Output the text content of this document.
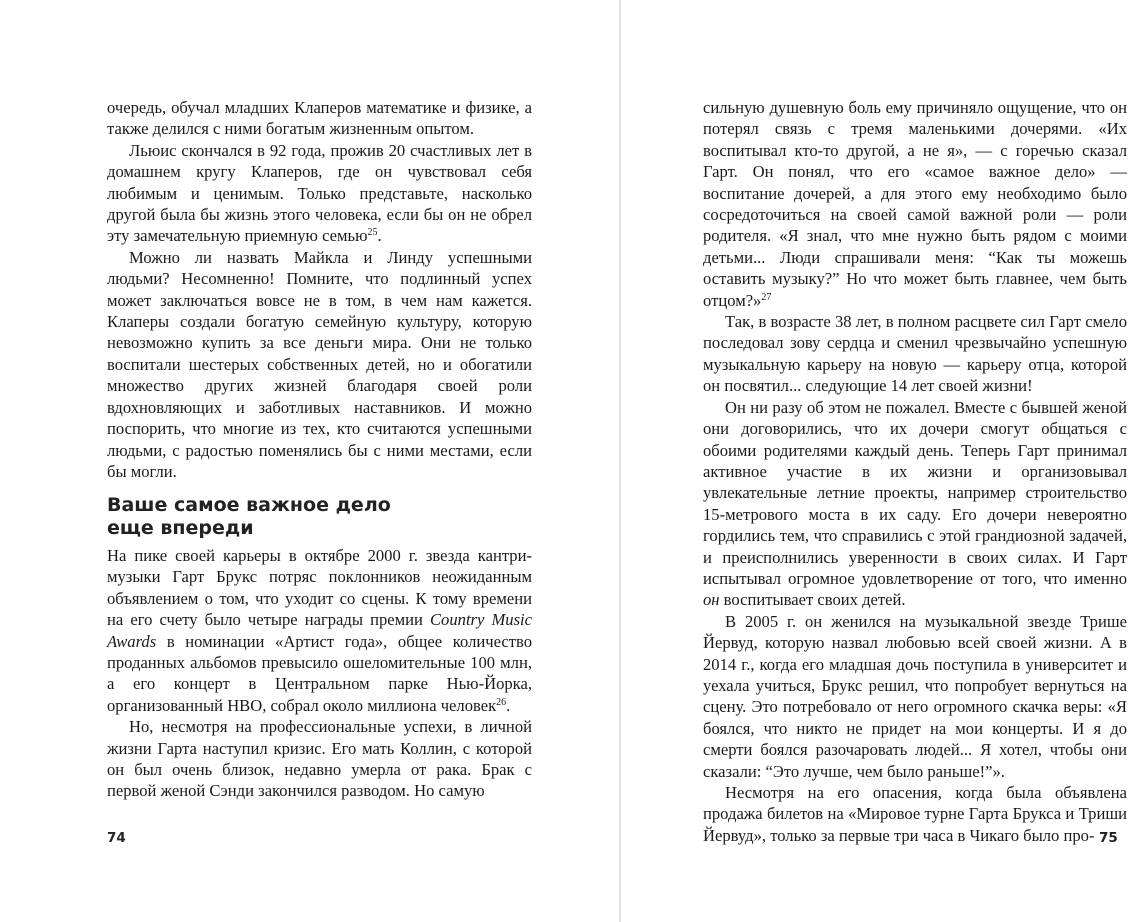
очередь, обучал младших Клаперов математике и физике, а также делился с ними богатым жизненным опытом.

Льюис скончался в 92 года, прожив 20 счастливых лет в домашнем кругу Клаперов, где он чувствовал себя любимым и ценимым. Только представьте, насколько другой была бы жизнь этого человека, если бы он не обрел эту замечательную приемную семью$^{25}$.

Можно ли назвать Майкла и Линду успешными людьми? Несомненно! Помните, что подлинный успех может заключаться вовсе не в том, в чем нам кажется. Клаперы создали богатую семейную культуру, которую невозможно купить за все деньги мира. Они не только воспитали шестерых собственных детей, но и обогатили множество других жизней благодаря своей роли вдохновляющих и заботливых наставников. И можно поспорить, что многие из тех, кто считаются успешными людьми, с радостью поменялись бы с ними местами, если бы могли.

Ваше самое важное дело
еще впереди

На пике своей карьеры в октябре 2000 г. звезда кантри-музыки Гарт Брукс потряс поклонников неожиданным объявлением о том, что уходит со сцены. К тому времени на его счету было четыре награды премии Country Music Awards в номинации «Артист года», общее количество проданных альбомов превысило ошеломительные 100 млн, а его концерт в Центральном парке Нью-Йорка, организованный HBO, собрал около миллиона человек$^{26}$.

Но, несмотря на профессиональные успехи, в личной жизни Гарта наступил кризис. Его мать Коллин, с которой он был очень близок, недавно умерла от рака. Брак с первой женой Сэнди закончился разводом. Но самую

74

сильную душевную боль ему причиняло ощущение, что он потерял связь с тремя маленькими дочерями. «Их воспитывал кто-то другой, а не я», — с горечью сказал Гарт. Он понял, что его «самое важное дело» — воспитание дочерей, а для этого ему необходимо было сосредоточиться на своей самой важной роли — роли родителя. «Я знал, что мне нужно быть рядом с моими детьми... Люди спрашивали меня: “Как ты можешь оставить музыку?” Но что может быть главнее, чем быть отцом?»$^{27}$

Так, в возрасте 38 лет, в полном расцвете сил Гарт смело последовал зову сердца и сменил чрезвычайно успешную музыкальную карьеру на новую — карьеру отца, которой он посвятил... следующие 14 лет своей жизни!

Он ни разу об этом не пожалел. Вместе с бывшей женой они договорились, что их дочери смогут общаться с обоими родителями каждый день. Теперь Гарт принимал активное участие в их жизни и организовывал увлекательные летние проекты, например строительство 15-метрового моста в их саду. Его дочери невероятно гордились тем, что справились с этой грандиозной задачей, и преисполнились уверенности в своих силах. И Гарт испытывал огромное удовлетворение от того, что именно он воспитывает своих детей.

В 2005 г. он женился на музыкальной звезде Трише Йервуд, которую назвал любовью всей своей жизни. А в 2014 г., когда его младшая дочь поступила в университет и уехала учиться, Брукс решил, что попробует вернуться на сцену. Это потребовало от него огромного скачка веры: «Я боялся, что никто не придет на мои концерты. И я до смерти боялся разочаровать людей... Я хотел, чтобы они сказали: “Это лучше, чем было раньше!”».

Несмотря на его опасения, когда была объявлена продажа билетов на «Мировое турне Гарта Брукса и Триши Йервуд», только за первые три часа в Чикаго было про- 75
